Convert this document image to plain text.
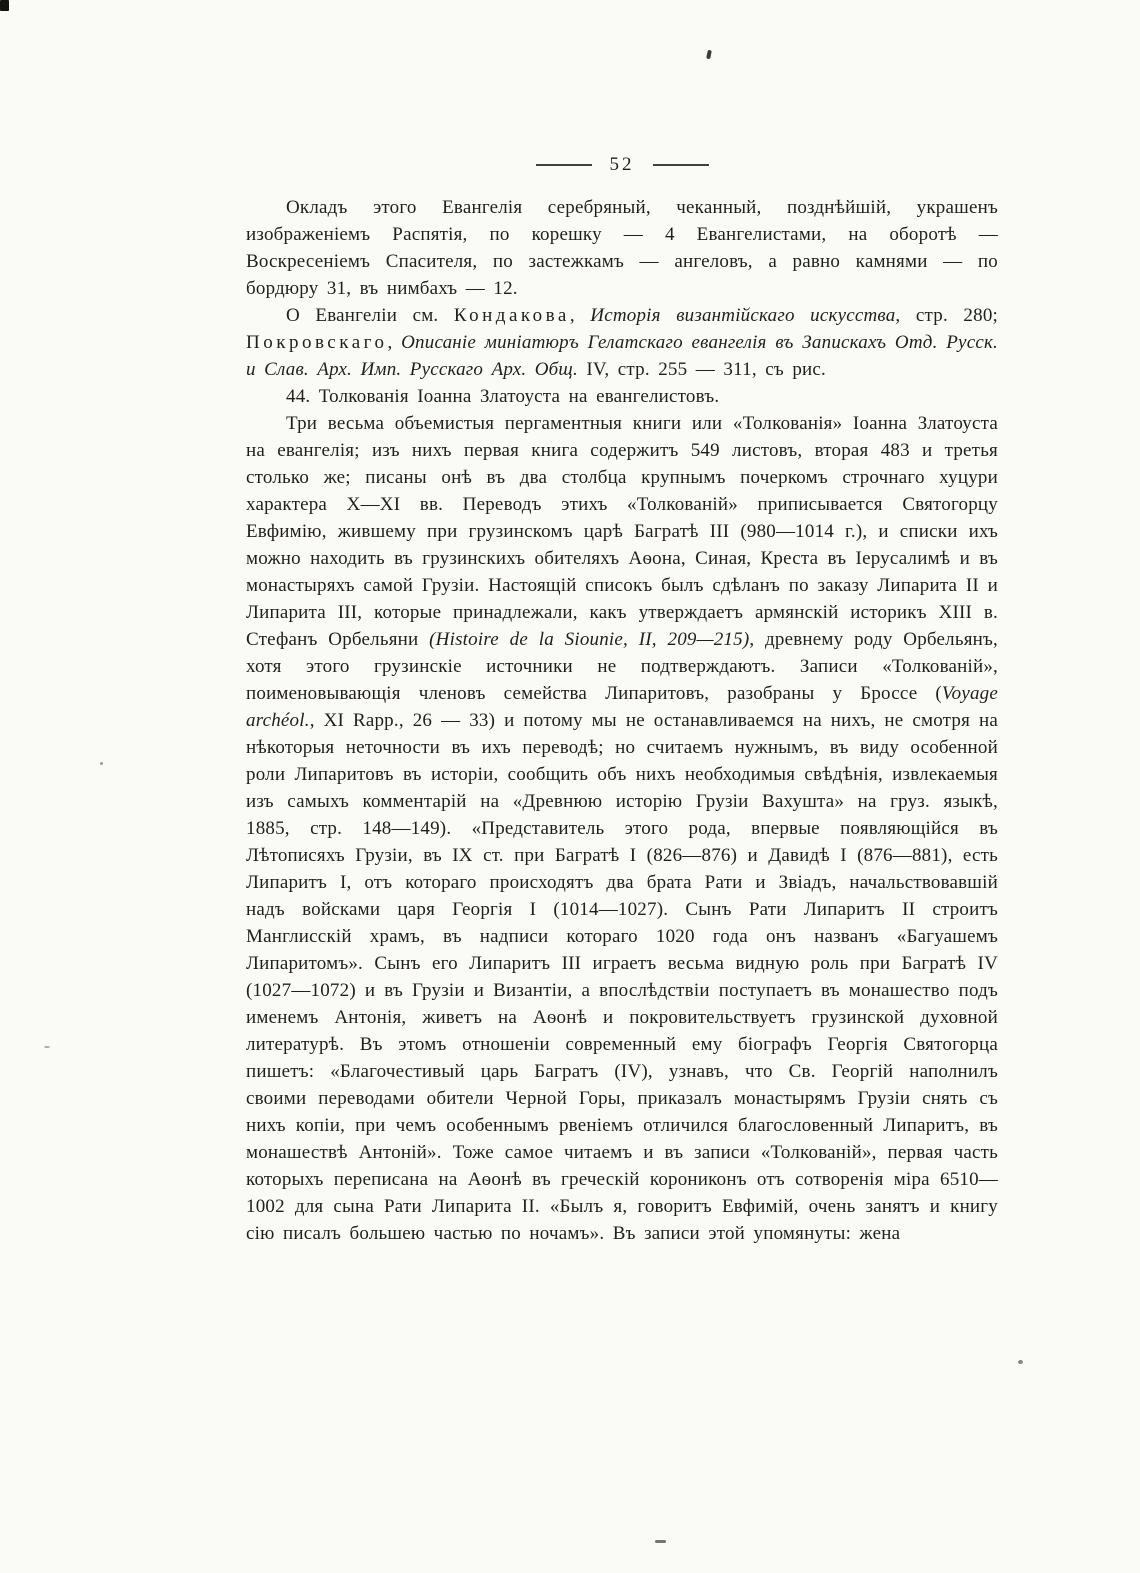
52

Окладъ этого Евангелія серебряный, чеканный, позднѣйшій, украшенъ изображеніемъ Распятія, по корешку — 4 Евангелистами, на оборотѣ — Воскресеніемъ Спасителя, по застежкамъ — ангеловъ, а равно камнями — по бордюру 31, въ нимбахъ — 12.

О Евангеліи см. Кондакова, Исторія византійскаго искусства, стр. 280; Покровскаго, Описаніе миніатюръ Гелатскаго евангелія въ Запискахъ Отд. Русск. и Слав. Арх. Имп. Русскаго Арх. Общ. IV, стр. 255 — 311, съ рис.

44. Толкованія Іоанна Златоуста на евангелистовъ.

Три весьма объемистыя пергаментныя книги или «Толкованія» Іоанна Златоуста на евангелія; изъ нихъ первая книга содержитъ 549 листовъ, вторая 483 и третья столько же; писаны онѣ въ два столбца крупнымъ почеркомъ строчнаго хуцури характера X—XI вв. Переводъ этихъ «Толкованій» приписывается Святогорцу Евфимію, жившему при грузинскомъ царѣ Багратѣ III (980—1014 г.), и списки ихъ можно находить въ грузинскихъ обителяхъ Аѳона, Синая, Креста въ Іерусалимѣ и въ монастыряхъ самой Грузіи. Настоящій списокъ былъ сдѣланъ по заказу Липарита II и Липарита III, которые принадлежали, какъ утверждаетъ армянскій историкъ XIII в. Стефанъ Орбельяни (Histoire de la Siounie, II, 209—215), древнему роду Орбельянъ, хотя этого грузинскіе источники не подтверждаютъ. Записи «Толкованій», поименовывающія членовъ семейства Липаритовъ, разобраны у Броссе (Voyage archéol., XI Rapp., 26 — 33) и потому мы не останавливаемся на нихъ, не смотря на нѣкоторыя неточности въ ихъ переводѣ; но считаемъ нужнымъ, въ виду особенной роли Липаритовъ въ исторіи, сообщить объ нихъ необходимыя свѣдѣнія, извлекаемыя изъ самыхъ комментарій на «Древнюю исторію Грузіи Вахушта» на груз. языкѣ, 1885, стр. 148—149). «Представитель этого рода, впервые появляющійся въ Лѣтописяхъ Грузіи, въ IX ст. при Багратѣ I (826—876) и Давидѣ I (876—881), есть Липаритъ I, отъ котораго происходятъ два брата Рати и Звіадъ, начальствовавшій надъ войсками царя Георгія I (1014—1027). Сынъ Рати Липаритъ II строитъ Манглисскій храмъ, въ надписи котораго 1020 года онъ названъ «Багуашемъ Липаритомъ». Сынъ его Липаритъ III играетъ весьма видную роль при Багратѣ IV (1027—1072) и въ Грузіи и Византіи, а впослѣдствіи поступаетъ въ монашество подъ именемъ Антонія, живетъ на Аѳонѣ и покровительствуетъ грузинской духовной литературѣ. Въ этомъ отношеніи современный ему біографъ Георгія Святогорца пишетъ: «Благочестивый царь Багратъ (IV), узнавъ, что Св. Георгій наполнилъ своими переводами обители Черной Горы, приказалъ монастырямъ Грузіи снять съ нихъ копіи, при чемъ особеннымъ рвеніемъ отличился благословенный Липаритъ, въ монашествѣ Антоній». Тоже самое читаемъ и въ записи «Толкованій», первая часть которыхъ переписана на Аѳонѣ въ греческій корониконъ отъ сотворенія міра 6510—1002 для сына Рати Липарита II. «Былъ я, говоритъ Евфимій, очень занятъ и книгу сію писалъ большею частью по ночамъ». Въ записи этой упомянуты: жена
